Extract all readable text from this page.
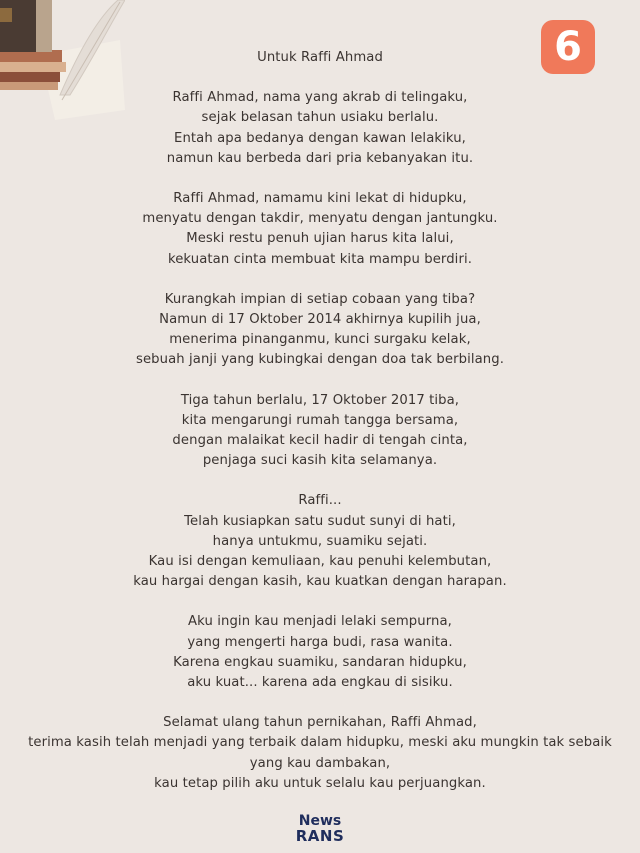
6
Untuk Raffi Ahmad
Raffi Ahmad, nama yang akrab di telingaku,
sejak belasan tahun usiaku berlalu.
Entah apa bedanya dengan kawan lelakiku,
namun kau berbeda dari pria kebanyakan itu.
Raffi Ahmad, namamu kini lekat di hidupku,
menyatu dengan takdir, menyatu dengan jantungku.
Meski restu penuh ujian harus kita lalui,
kekuatan cinta membuat kita mampu berdiri.
Kurangkah impian di setiap cobaan yang tiba?
Namun di 17 Oktober 2014 akhirnya kupilih jua,
menerima pinanganmu, kunci surgaku kelak,
sebuah janji yang kubingkai dengan doa tak berbilang.
Tiga tahun berlalu, 17 Oktober 2017 tiba,
kita mengarungi rumah tangga bersama,
dengan malaikat kecil hadir di tengah cinta,
penjaga suci kasih kita selamanya.
Raffi...
Telah kusiapkan satu sudut sunyi di hati,
hanya untukmu, suamiku sejati.
Kau isi dengan kemuliaan, kau penuhi kelembutan,
kau hargai dengan kasih, kau kuatkan dengan harapan.
Aku ingin kau menjadi lelaki sempurna,
yang mengerti harga budi, rasa wanita.
Karena engkau suamiku, sandaran hidupku,
aku kuat... karena ada engkau di sisiku.
Selamat ulang tahun pernikahan, Raffi Ahmad,
terima kasih telah menjadi yang terbaik dalam hidupku, meski aku mungkin tak sebaik yang kau dambakan,
kau tetap pilih aku untuk selalu kau perjuangkan.
News
RANS
